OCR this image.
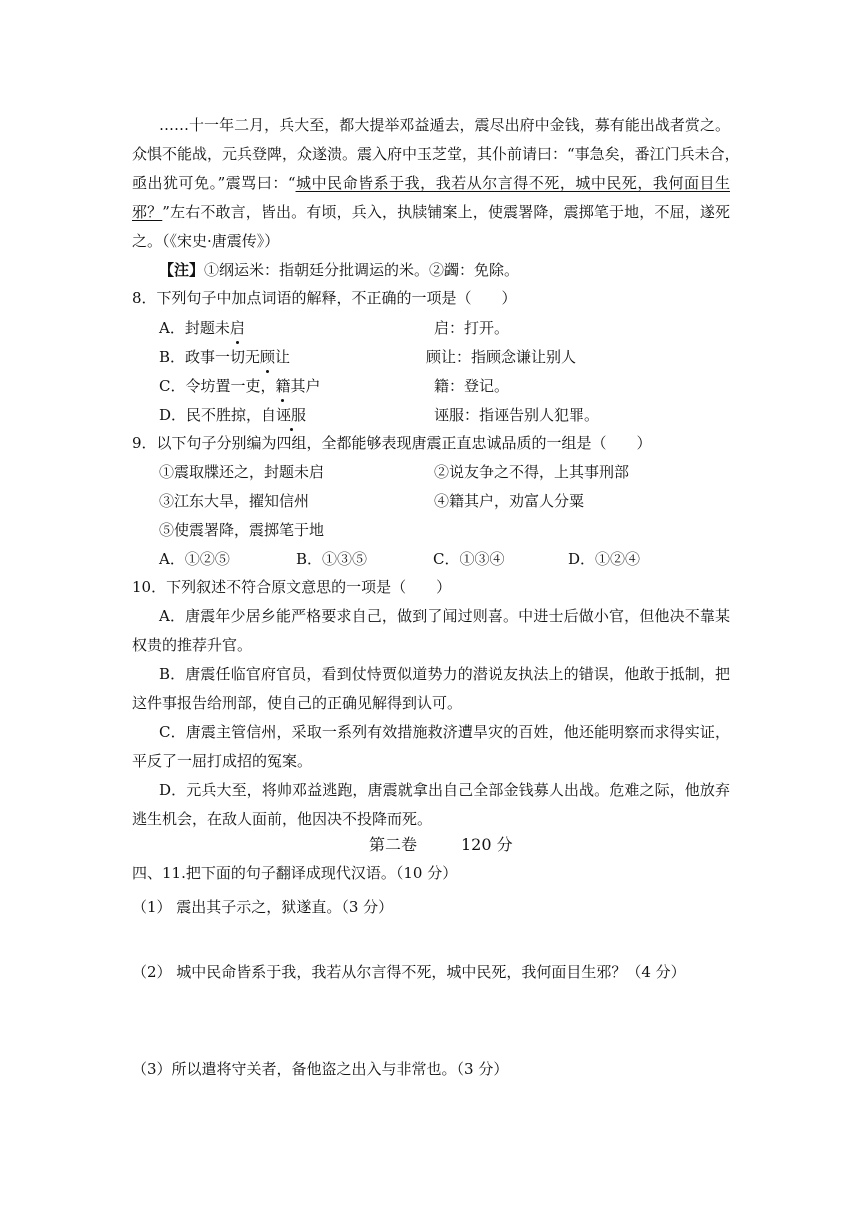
……十一年二月，兵大至，都大提举邓益遁去，震尽出府中金钱，募有能出战者赏之。
众惧不能战，元兵登陴，众遂溃。震入府中玉芝堂，其仆前请曰：“事急矣，番江门兵未合，
亟出犹可免。”震骂曰：“城中民命皆系于我，我若从尔言得不死，城中民死，我何面目生
邪？”左右不敢言，皆出。有顷，兵入，执牍铺案上，使震署降，震掷笔于地，不屈，遂死
之。（《宋史·唐震传》）
【注】①纲运米：指朝廷分批调运的米。②蠲：免除。
8．下列句子中加点词语的解释，不正确的一项是（　　）
A．封题未启	启：打开。
B．政事一切无顾让	顾让：指顾念谦让别人
C．令坊置一吏，籍其户	籍：登记。
D．民不胜掠，自诬服	诬服：指诬告别人犯罪。
9．以下句子分别编为四组，全都能够表现唐震正直忠诚品质的一组是（　　）
①震取牒还之，封题未启	②说友争之不得，上其事刑部
③江东大旱，擢知信州	④籍其户，劝富人分粟
⑤使震署降，震掷笔于地
A．①②⑤	B．①③⑤	C．①③④	D．①②④
10．下列叙述不符合原文意思的一项是（　　）
A．唐震年少居乡能严格要求自己，做到了闻过则喜。中进士后做小官，但他决不靠某
权贵的推荐升官。
B．唐震任临官府官员，看到仗恃贾似道势力的潜说友执法上的错误，他敢于抵制，把
这件事报告给刑部，使自己的正确见解得到认可。
C．唐震主管信州，采取一系列有效措施救济遭旱灾的百姓，他还能明察而求得实证，
平反了一屈打成招的冤案。
D．元兵大至，将帅邓益逃跑，唐震就拿出自己全部金钱募人出战。危难之际，他放弃
逃生机会，在敌人面前，他因决不投降而死。
第二卷	120 分
四、11.把下面的句子翻译成现代汉语。（10 分）
（1） 震出其子示之，狱遂直。（3 分）
（2） 城中民命皆系于我，我若从尔言得不死，城中民死，我何面目生邪？（4 分）
（3）所以遣将守关者，备他盗之出入与非常也。（3 分）
